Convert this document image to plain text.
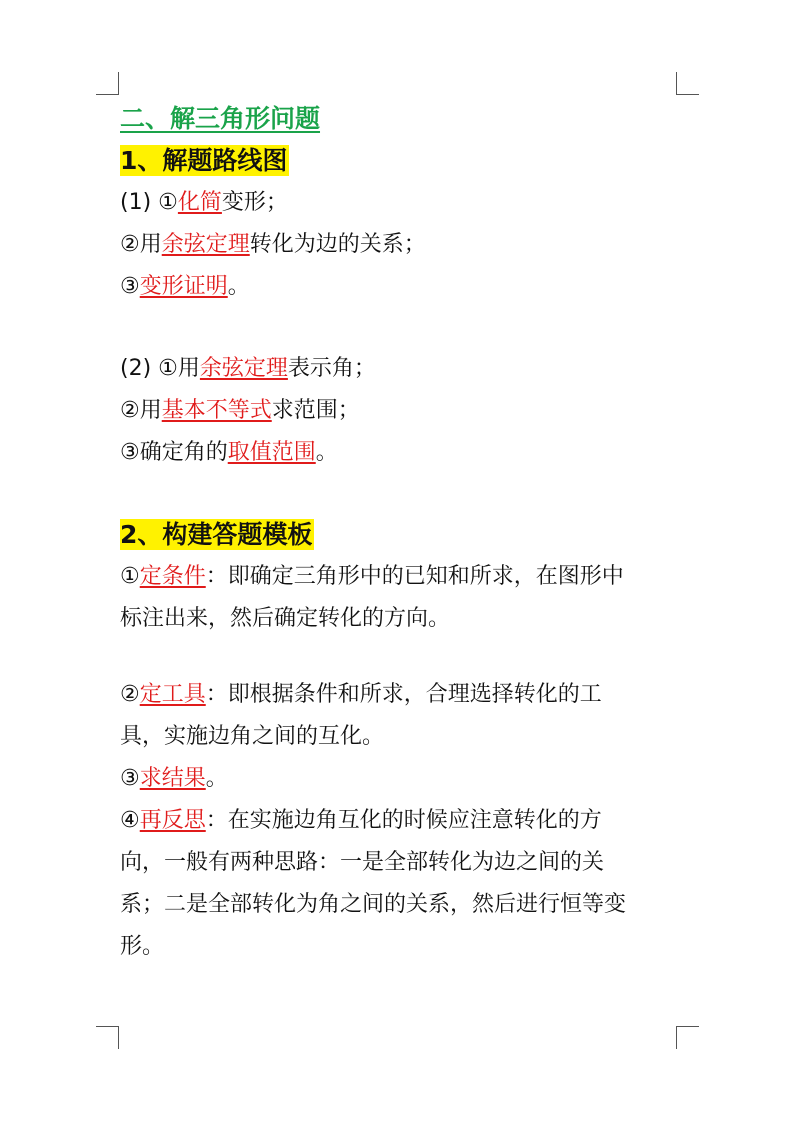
二、解三角形问题
1、解题路线图
(1) ①化简变形；
②用余弦定理转化为边的关系；
③变形证明。
(2) ①用余弦定理表示角；
②用基本不等式求范围；
③确定角的取值范围。
2、构建答题模板
①定条件：即确定三角形中的已知和所求，在图形中
标注出来，然后确定转化的方向。
②定工具：即根据条件和所求，合理选择转化的工
具，实施边角之间的互化。
③求结果。
④再反思：在实施边角互化的时候应注意转化的方
向，一般有两种思路：一是全部转化为边之间的关
系；二是全部转化为角之间的关系，然后进行恒等变
形。
